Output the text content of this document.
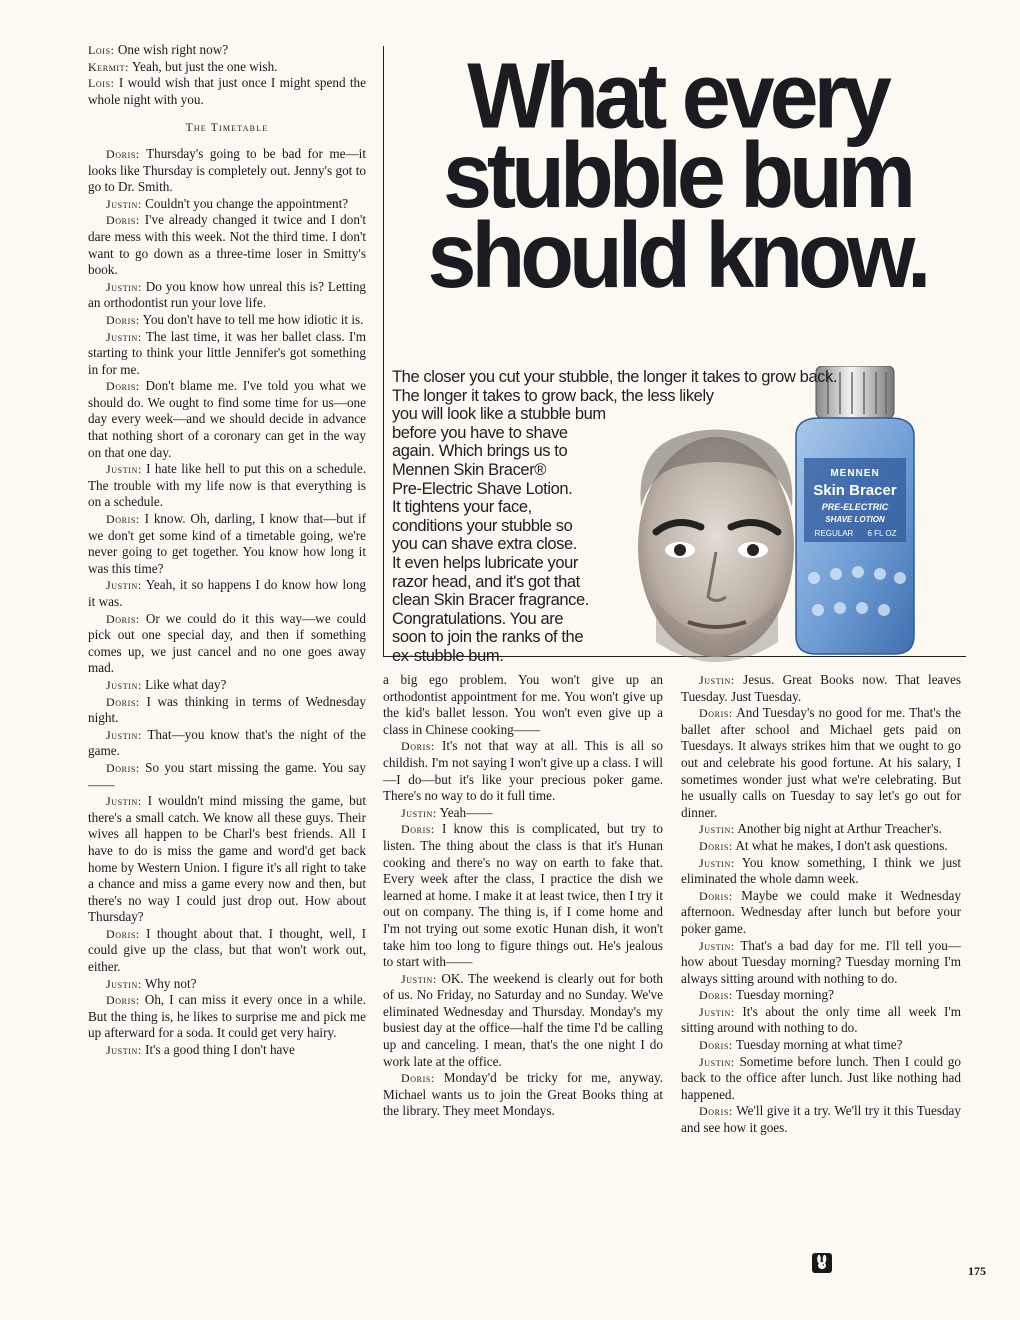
Lois: One wish right now?

Kermit: Yeah, but just the one wish.

Lois: I would wish that just once I might spend the whole night with you.

The Timetable

Doris: Thursday's going to be bad for me—it looks like Thursday is completely out. Jenny's got to go to Dr. Smith.

Justin: Couldn't you change the appointment?

Doris: I've already changed it twice and I don't dare mess with this week. Not the third time. I don't want to go down as a three-time loser in Smitty's book.

Justin: Do you know how unreal this is? Letting an orthodontist run your love life.

Doris: You don't have to tell me how idiotic it is.

Justin: The last time, it was her ballet class. I'm starting to think your little Jennifer's got something in for me.

Doris: Don't blame me. I've told you what we should do. We ought to find some time for us—one day every week—and we should decide in advance that nothing short of a coronary can get in the way on that one day.

Justin: I hate like hell to put this on a schedule. The trouble with my life now is that everything is on a schedule.

Doris: I know. Oh, darling, I know that—but if we don't get some kind of a timetable going, we're never going to get together. You know how long it was this time?

Justin: Yeah, it so happens I do know how long it was.

Doris: Or we could do it this way—we could pick out one special day, and then if something comes up, we just cancel and no one goes away mad.

Justin: Like what day?

Doris: I was thinking in terms of Wednesday night.

Justin: That—you know that's the night of the game.

Doris: So you start missing the game. You say——

Justin: I wouldn't mind missing the game, but there's a small catch. We know all these guys. Their wives all happen to be Charl's best friends. All I have to do is miss the game and word'd get back home by Western Union. I figure it's all right to take a chance and miss a game every now and then, but there's no way I could just drop out. How about Thursday?

Doris: I thought about that. I thought, well, I could give up the class, but that won't work out, either.

Justin: Why not?

Doris: Oh, I can miss it every once in a while. But the thing is, he likes to surprise me and pick me up afterward for a soda. It could get very hairy.

Justin: It's a good thing I don't have

What every
stubble bum
should know.
MENNEN
Skin Bracer
PRE-ELECTRIC
SHAVE LOTION
REGULAR 6 FL OZ
The closer you cut your stubble, the longer it takes to grow back.
The longer it takes to grow back, the less likely
you will look like a stubble bum
before you have to shave
again. Which brings us to
Mennen Skin Bracer®
Pre-Electric Shave Lotion.
It tightens your face,
conditions your stubble so
you can shave extra close.
It even helps lubricate your
razor head, and it's got that
clean Skin Bracer fragrance.
Congratulations. You are
soon to join the ranks of the
ex-stubble bum.

a big ego problem. You won't give up an orthodontist appointment for me. You won't give up the kid's ballet lesson. You won't even give up a class in Chinese cooking——

Doris: It's not that way at all. This is all so childish. I'm not saying I won't give up a class. I will—I do—but it's like your precious poker game. There's no way to do it full time.

Justin: Yeah——

Doris: I know this is complicated, but try to listen. The thing about the class is that it's Hunan cooking and there's no way on earth to fake that. Every week after the class, I practice the dish we learned at home. I make it at least twice, then I try it out on company. The thing is, if I come home and I'm not trying out some exotic Hunan dish, it won't take him too long to figure things out. He's jealous to start with——

Justin: OK. The weekend is clearly out for both of us. No Friday, no Saturday and no Sunday. We've eliminated Wednesday and Thursday. Monday's my busiest day at the office—half the time I'd be calling up and canceling. I mean, that's the one night I do work late at the office.

Doris: Monday'd be tricky for me, anyway. Michael wants us to join the Great Books thing at the library. They meet Mondays.

Justin: Jesus. Great Books now. That leaves Tuesday. Just Tuesday.

Doris: And Tuesday's no good for me. That's the ballet after school and Michael gets paid on Tuesdays. It always strikes him that we ought to go out and celebrate his good fortune. At his salary, I sometimes wonder just what we're celebrating. But he usually calls on Tuesday to say let's go out for dinner.

Justin: Another big night at Arthur Treacher's.

Doris: At what he makes, I don't ask questions.

Justin: You know something, I think we just eliminated the whole damn week.

Doris: Maybe we could make it Wednesday afternoon. Wednesday after lunch but before your poker game.

Justin: That's a bad day for me. I'll tell you—how about Tuesday morning? Tuesday morning I'm always sitting around with nothing to do.

Doris: Tuesday morning?

Justin: It's about the only time all week I'm sitting around with nothing to do.

Doris: Tuesday morning at what time?

Justin: Sometime before lunch. Then I could go back to the office after lunch. Just like nothing had happened.

Doris: We'll give it a try. We'll try it this Tuesday and see how it goes.

175
